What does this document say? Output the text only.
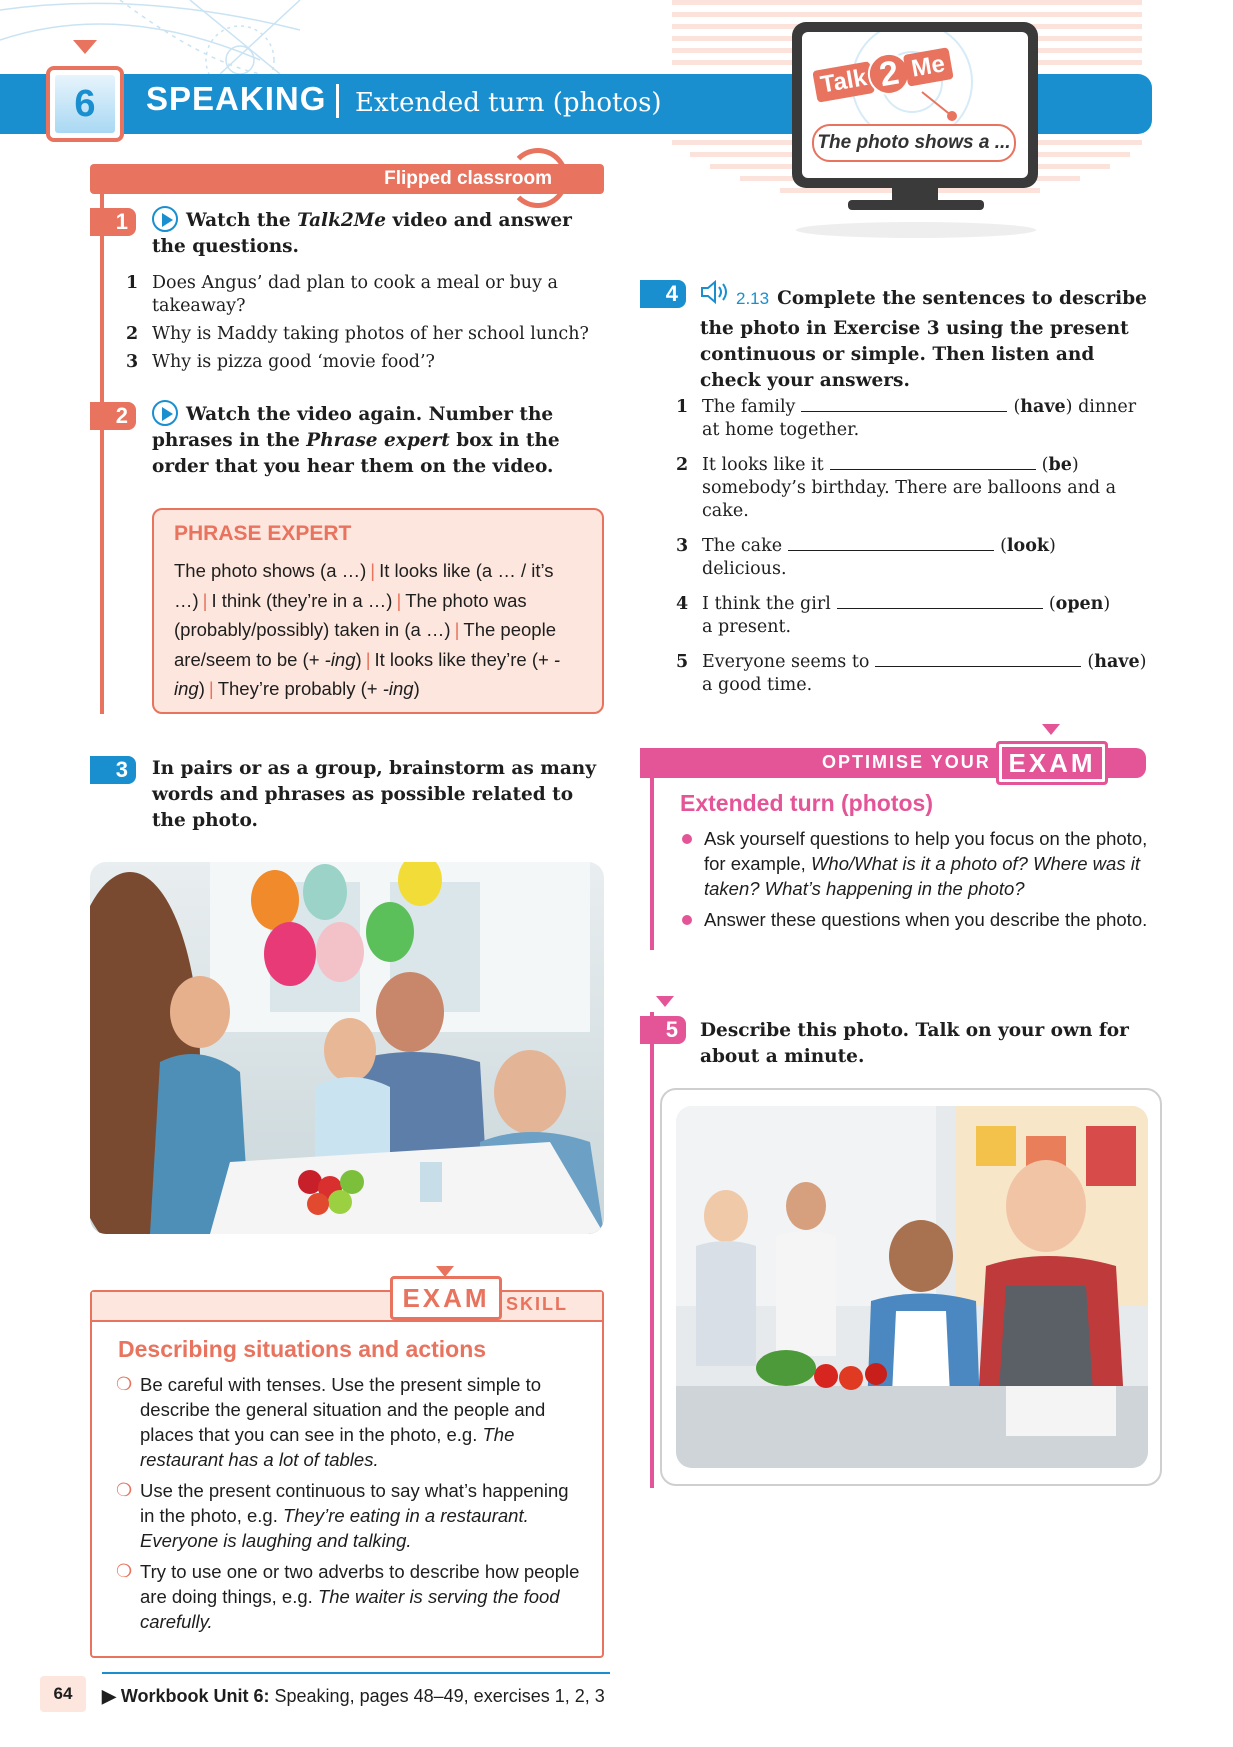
6	SPEAKING Extended turn (photos)
Talk 2 Me
The photo shows a ...
Flipped classroom
1	Watch the Talk2Me video and answer the questions.
1 Does Angus’ dad plan to cook a meal or buy a takeaway?
2 Why is Maddy taking photos of her school lunch?
3 Why is pizza good ‘movie food’?
2	Watch the video again. Number the phrases in the Phrase expert box in the order that you hear them on the video.
PHRASE EXPERT
The photo shows (a …) | It looks like (a … / it’s …) | I think (they’re in a …) | The photo was (probably/possibly) taken in (a …) | The people are/seem to be (+ -ing) | It looks like they’re (+ -ing) | They’re probably (+ -ing)
3	In pairs or as a group, brainstorm as many words and phrases as possible related to the photo.
EXAM SKILL
Describing situations and actions
❍ Be careful with tenses. Use the present simple to describe the general situation and the people and places that you can see in the photo, e.g. The restaurant has a lot of tables.
❍ Use the present continuous to say what’s happening in the photo, e.g. They’re eating in a restaurant. Everyone is laughing and talking.
❍ Try to use one or two adverbs to describe how people are doing things, e.g. The waiter is serving the food carefully.
4	2.13 Complete the sentences to describe the photo in Exercise 3 using the present continuous or simple. Then listen and check your answers.
1 The family	(have) dinner
at home together.
2 It looks like it	(be)
somebody’s birthday. There are balloons and a cake.
3 The cake	(look)
delicious.
4 I think the girl	(open)
a present.
5 Everyone seems to	(have)
a good time.
OPTIMISE YOUR EXAM
Extended turn (photos)
Ask yourself questions to help you focus on the photo, for example, Who/What is it a photo of? Where was it taken? What’s happening in the photo?
Answer these questions when you describe the photo.
5	Describe this photo. Talk on your own for about a minute.
64	▶ Workbook Unit 6: Speaking, pages 48–49, exercises 1, 2, 3
